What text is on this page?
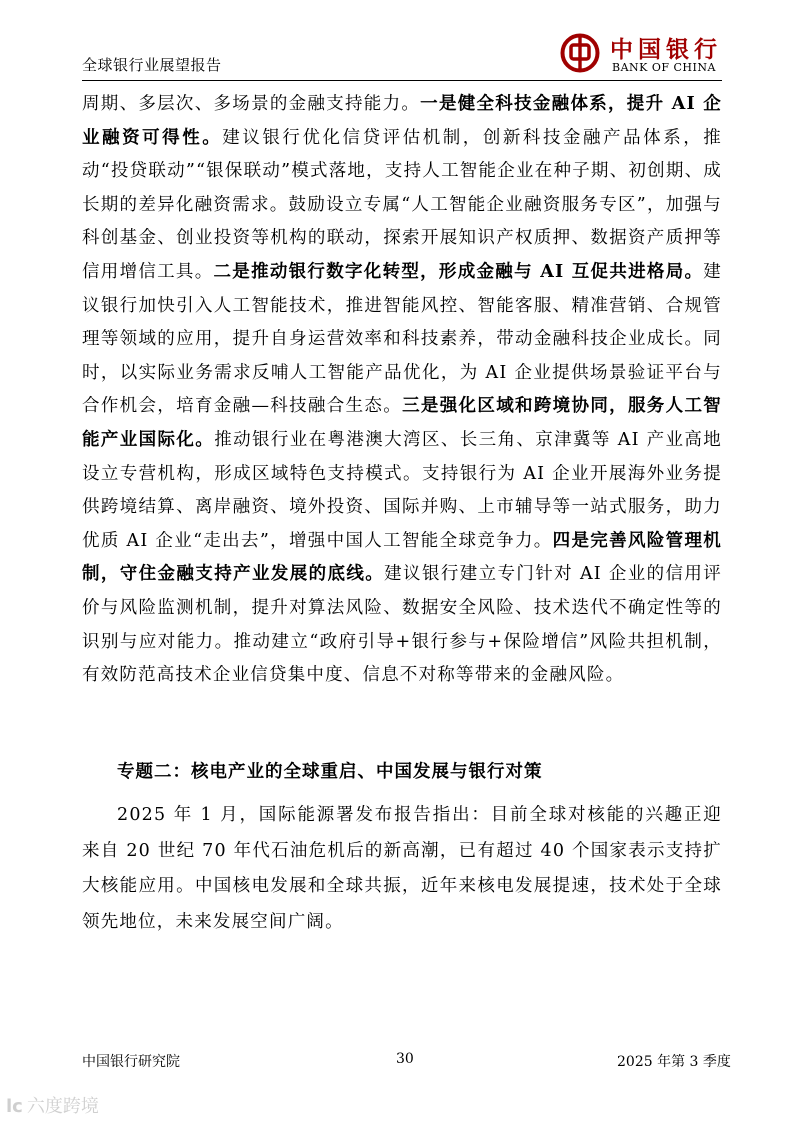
全球银行业展望报告
中国银行
BANK OF CHINA

周期、多层次、多场景的金融支持能力。一是健全科技金融体系，提升 AI 企业融资可得性。建议银行优化信贷评估机制，创新科技金融产品体系，推动“投贷联动”“银保联动”模式落地，支持人工智能企业在种子期、初创期、成长期的差异化融资需求。鼓励设立专属“人工智能企业融资服务专区”，加强与科创基金、创业投资等机构的联动，探索开展知识产权质押、数据资产质押等信用增信工具。二是推动银行数字化转型，形成金融与 AI 互促共进格局。建议银行加快引入人工智能技术，推进智能风控、智能客服、精准营销、合规管理等领域的应用，提升自身运营效率和科技素养，带动金融科技企业成长。同时，以实际业务需求反哺人工智能产品优化，为 AI 企业提供场景验证平台与合作机会，培育金融—科技融合生态。三是强化区域和跨境协同，服务人工智能产业国际化。推动银行业在粤港澳大湾区、长三角、京津冀等 AI 产业高地设立专营机构，形成区域特色支持模式。支持银行为 AI 企业开展海外业务提供跨境结算、离岸融资、境外投资、国际并购、上市辅导等一站式服务，助力优质 AI 企业“走出去”，增强中国人工智能全球竞争力。四是完善风险管理机制，守住金融支持产业发展的底线。建议银行建立专门针对 AI 企业的信用评价与风险监测机制，提升对算法风险、数据安全风险、技术迭代不确定性等的识别与应对能力。推动建立“政府引导+银行参与+保险增信”风险共担机制，有效防范高技术企业信贷集中度、信息不对称等带来的金融风险。

专题二：核电产业的全球重启、中国发展与银行对策

2025 年 1 月，国际能源署发布报告指出：目前全球对核能的兴趣正迎来自 20 世纪 70 年代石油危机后的新高潮，已有超过 40 个国家表示支持扩大核能应用。中国核电发展和全球共振，近年来核电发展提速，技术处于全球领先地位，未来发展空间广阔。

中国银行研究院	30	2025 年第 3 季度
lc 六度跨境
